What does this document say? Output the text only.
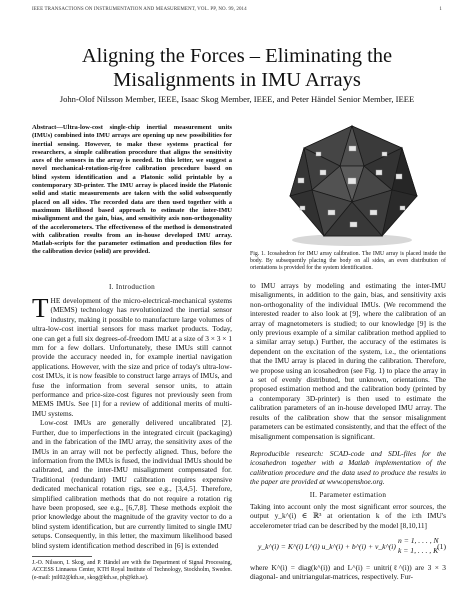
IEEE TRANSACTIONS ON INSTRUMENTATION AND MEASUREMENT, VOL. PP, NO. 99, 2014	1
Aligning the Forces – Eliminating the
Misalignments in IMU Arrays
John-Olof Nilsson Member, IEEE, Isaac Skog Member, IEEE, and Peter Händel Senior Member, IEEE
Abstract—Ultra-low-cost single-chip inertial measurement units (IMUs) combined into IMU arrays are opening up new possibilities for inertial sensing. However, to make these systems practical for researchers, a simple calibration procedure that aligns the sensitivity axes of the sensors in the array is needed. In this letter, we suggest a novel mechanical-rotation-rig-free calibration procedure based on blind system identification and a Platonic solid printable by a contemporary 3D-printer. The IMU array is placed inside the Platonic solid and static measurements are taken with the solid subsequently placed on all sides. The recorded data are then used together with a maximum likelihood based approach to estimate the inter-IMU misalignment and the gain, bias, and sensitivity axis non-orthogonality of the accelerometers. The effectiveness of the method is demonstrated with calibration results from an in-house developed IMU array. Matlab-scripts for the parameter estimation and production files for the calibration device (solid) are provided.
I. Introduction

THE development of the micro-electrical-mechanical systems (MEMS) technology has revolutionized the inertial sensor industry, making it possible to manufacture large volumes of ultra-low-cost inertial sensors for mass market products. Today, one can get a full six degrees-of-freedom IMU at a size of 3 × 3 × 1 mm for a few dollars. Unfortunately, these IMUs still cannot provide the accuracy needed in, for example inertial navigation applications. However, with the size and price of today's ultra-low-cost IMUs, it is now feasible to construct large arrays of IMUs, and fuse the information from several sensor units, to attain performance and price-size-cost figures not previously seen from MEMS IMUs. See [1] for a review of additional merits of multi-IMU systems.

Low-cost IMUs are generally delivered uncalibrated [2]. Further, due to imperfections in the integrated circuit (packaging) and in the fabrication of the IMU array, the sensitivity axes of the IMUs in an array will not be perfectly aligned. Thus, before the information from the IMUs is fused, the individual IMUs should be calibrated, and the inter-IMU misalignment compensated for. Traditional (redundant) IMU calibration requires expensive dedicated mechanical rotation rigs, see e.g., [3,4,5]. Therefore, simplified calibration methods that do not require a rotation rig have been proposed, see e.g., [6,7,8]. These methods exploit the prior knowledge about the magnitude of the gravity vector to do a blind system identification, but are currently limited to single IMU setups. Consequently, in this letter, the maximum likelihood based blind system identification method described in [6] is extended

J.-O. Nilsson, I. Skog, and P. Händel are with the Department of Signal Processing, ACCESS Linnaeus Center, KTH Royal Institute of Technology, Stockholm, Sweden. (e-mail: jnil02@kth.se, skog@kth.se, ph@kth.se).
Fig. 1. Icosahedron for IMU array calibration. The IMU array is placed inside the body. By subsequently placing the body on all sides, an even distribution of orientations is provided for the system identification.
to IMU arrays by modeling and estimating the inter-IMU misalignments, in addition to the gain, bias, and sensitivity axis non-orthogonality of the individual IMUs. (We recommend the interested reader to also look at [9], where the calibration of an array of magnetometers is studied; to our knowledge [9] is the only previous example of a similar calibration method applied to a similar array setup.) Further, the accuracy of the estimates is dependent on the excitation of the system, i.e., the orientations that the IMU array is placed in during the calibration. Therefore, we propose using an icosahedron (see Fig. 1) to place the array in a set of evenly distributed, but unknown, orientations. The proposed estimation method and the calibration body (printed by a contemporary 3D-printer) is then used to estimate the calibration parameters of an in-house developed IMU array. The results of the calibration show that the sensor misalignment parameters can be estimated consistently, and that the effect of the misalignment compensation is significant.
Reproducible research: SCAD-code and SDL-files for the icosahedron together with a Matlab implementation of the calibration procedure and the data used to produce the results in the paper are provided at www.openshoe.org.
II. Parameter estimation
Taking into account only the most significant error sources, the output y_k^(i) ∈ ℝ³ at orientation k of the i:th IMU's accelerometer triad can be described by the model [8,10,11]
y_k^(i) = K^(i) L^(i) u_k^(i) + b^(i) + v_k^(i)
n = 1, . . . , N
k = 1, . . . , K (1)
where K^(i) = diag(k^(i)) and L^(i) = unitri(ℓ^(i)) are 3 × 3 diagonal- and unitriangular-matrices, respectively. Fur-
